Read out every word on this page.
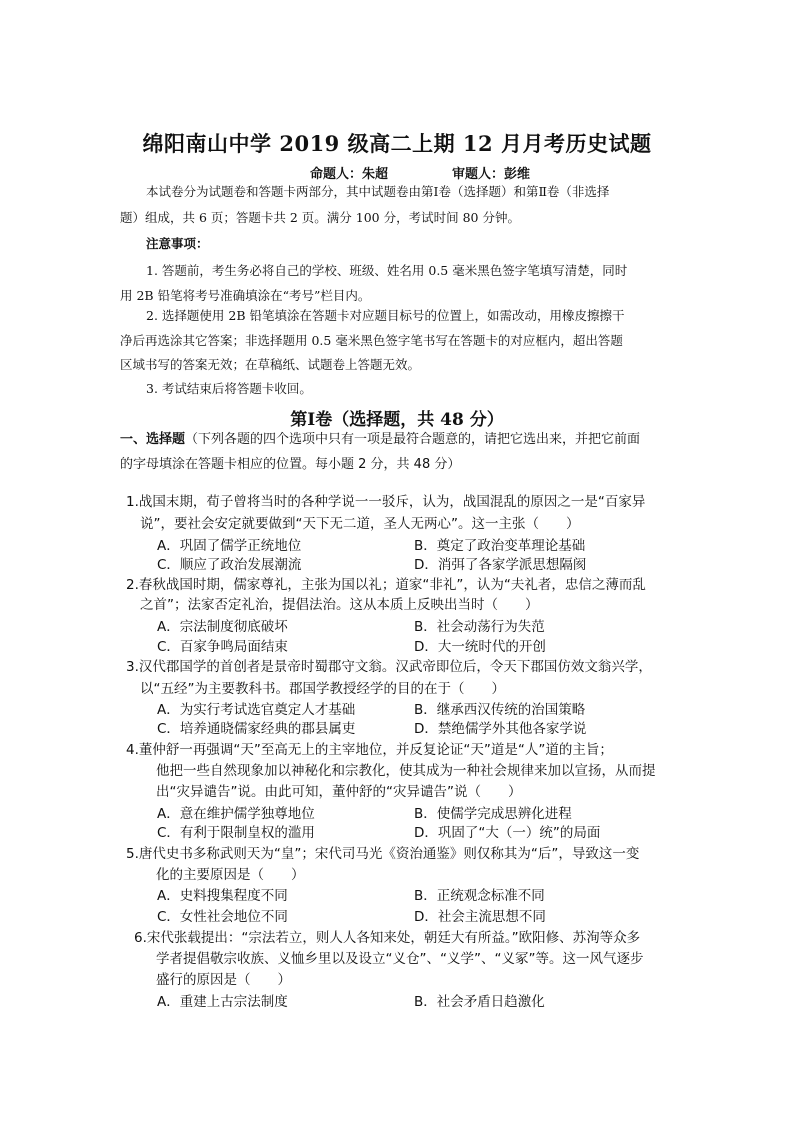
绵阳南山中学 2019 级高二上期 12 月月考历史试题
命题人：朱超	审题人：彭维
本试卷分为试题卷和答题卡两部分，其中试题卷由第Ⅰ卷（选择题）和第Ⅱ卷（非选择
题）组成，共 6 页；答题卡共 2 页。满分 100 分，考试时间 80 分钟。
注意事项：
1. 答题前，考生务必将自己的学校、班级、姓名用 0.5 毫米黑色签字笔填写清楚，同时
用 2B 铅笔将考号准确填涂在“考号”栏目内。
2. 选择题使用 2B 铅笔填涂在答题卡对应题目标号的位置上，如需改动，用橡皮擦擦干
净后再选涂其它答案；非选择题用 0.5 毫米黑色签字笔书写在答题卡的对应框内，超出答题
区域书写的答案无效；在草稿纸、试题卷上答题无效。
3. 考试结束后将答题卡收回。
第Ⅰ卷（选择题，共 48 分）
一、选择题（下列各题的四个选项中只有一项是最符合题意的，请把它选出来，并把它前面
的字母填涂在答题卡相应的位置。每小题 2 分，共 48 分）
1.战国末期，荀子曾将当时的各种学说一一驳斥，认为，战国混乱的原因之一是“百家异
说”，要社会安定就要做到“天下无二道，圣人无两心”。这一主张（　　）
A．巩固了儒学正统地位	B．奠定了政治变革理论基础
C．顺应了政治发展潮流	D．消弭了各家学派思想隔阂
2.春秋战国时期，儒家尊礼，主张为国以礼；道家“非礼”，认为“夫礼者，忠信之薄而乱
之首”；法家否定礼治，提倡法治。这从本质上反映出当时（　　）
A．宗法制度彻底破坏	B．社会动荡行为失范
C．百家争鸣局面结束	D．大一统时代的开创
3.汉代郡国学的首创者是景帝时蜀郡守文翁。汉武帝即位后，令天下郡国仿效文翁兴学，
以“五经”为主要教科书。郡国学教授经学的目的在于（　　）
A．为实行考试选官奠定人才基础	B．继承西汉传统的治国策略
C．培养通晓儒家经典的郡县属吏	D．禁绝儒学外其他各家学说
4.董仲舒一再强调“天”至高无上的主宰地位，并反复论证“天”道是“人”道的主旨；
他把一些自然现象加以神秘化和宗教化，使其成为一种社会规律来加以宣扬，从而提
出“灾异谴告”说。由此可知，董仲舒的“灾异谴告”说（　　）
A．意在维护儒学独尊地位	B．使儒学完成思辨化进程
C．有利于限制皇权的滥用	D．巩固了“大（一）统”的局面
5.唐代史书多称武则天为“皇”；宋代司马光《资治通鉴》则仅称其为“后”，导致这一变
化的主要原因是（　　）
A．史料搜集程度不同	B．正统观念标准不同
C．女性社会地位不同	D．社会主流思想不同
6.宋代张载提出：“宗法若立，则人人各知来处，朝廷大有所益。”欧阳修、苏洵等众多
学者提倡敬宗收族、义恤乡里以及设立“义仓”、“义学”、“义冢”等。这一风气逐步
盛行的原因是（　　）
A．重建上古宗法制度	B．社会矛盾日趋激化
